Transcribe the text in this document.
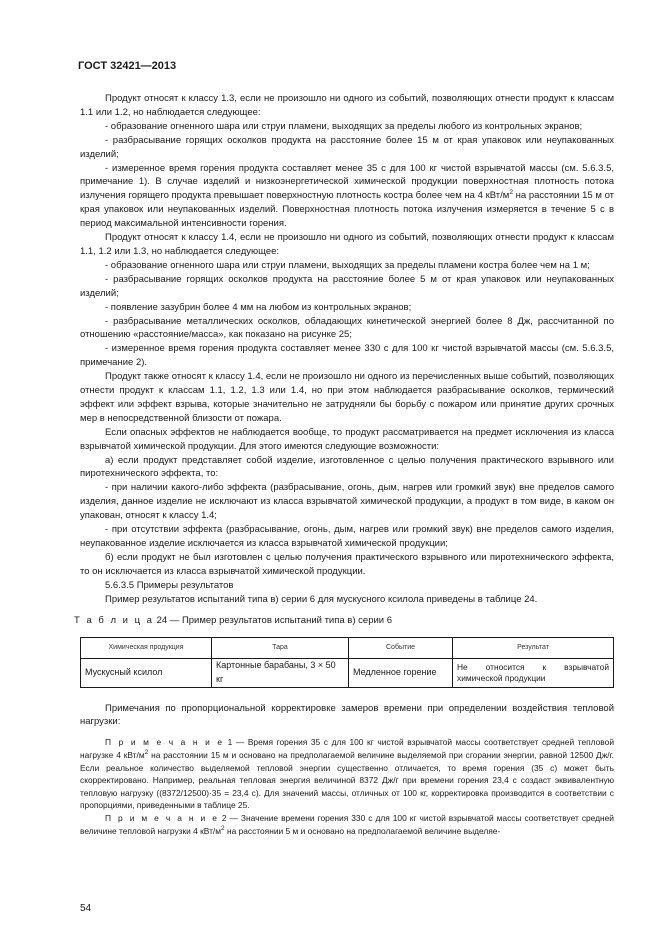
ГОСТ 32421—2013

Продукт относят к классу 1.3, если не произошло ни одного из событий, позволяющих отнести продукт к классам 1.1 или 1.2, но наблюдается следующее:

- образование огненного шара или струи пламени, выходящих за пределы любого из контрольных экранов;

- разбрасывание горящих осколков продукта на расстояние более 15 м от края упаковок или неупакованных изделий;

- измеренное время горения продукта составляет менее 35 с для 100 кг чистой взрывчатой массы (см. 5.6.3.5, примечание 1). В случае изделий и низкоэнергетической химической продукции поверхностная плотность потока излучения горящего продукта превышает поверхностную плотность костра более чем на 4 кВт/$м^2$ на расстоянии 15 м от края упаковок или неупакованных изделий. Поверхностная плотность потока излучения измеряется в течение 5 с в период максимальной интенсивности горения.

Продукт относят к классу 1.4, если не произошло ни одного из событий, позволяющих отнести продукт к классам 1.1, 1.2 или 1.3, но наблюдается следующее:

- образование огненного шара или струи пламени, выходящих за пределы пламени костра более чем на 1 м;

- разбрасывание горящих осколков продукта на расстояние более 5 м от края упаковок или неупакованных изделий;

- появление зазубрин более 4 мм на любом из контрольных экранов;

- разбрасывание металлических осколков, обладающих кинетической энергией более 8 Дж, рассчитанной по отношению «расстояние/масса», как показано на рисунке 25;

- измеренное время горения продукта составляет менее 330 с для 100 кг чистой взрывчатой массы (см. 5.6.3.5, примечание 2).

Продукт также относят к классу 1.4, если не произошло ни одного из перечисленных выше событий, позволяющих отнести продукт к классам 1.1, 1.2, 1.3 или 1.4, но при этом наблюдается разбрасывание осколков, термический эффект или эффект взрыва, которые значительно не затрудняли бы борьбу с пожаром или принятие других срочных мер в непосредственной близости от пожара.

Если опасных эффектов не наблюдается вообще, то продукт рассматривается на предмет исключения из класса взрывчатой химической продукции. Для этого имеются следующие возможности:

а) если продукт представляет собой изделие, изготовленное с целью получения практического взрывного или пиротехнического эффекта, то:

- при наличии какого-либо эффекта (разбрасывание, огонь, дым, нагрев или громкий звук) вне пределов самого изделия, данное изделие не исключают из класса взрывчатой химической продукции, а продукт в том виде, в каком он упакован, относят к классу 1.4;

- при отсутствии эффекта (разбрасывание, огонь, дым, нагрев или громкий звук) вне пределов самого изделия, неупакованное изделие исключается из класса взрывчатой химической продукции;

б) если продукт не был изготовлен с целью получения практического взрывного или пиротехнического эффекта, то он исключается из класса взрывчатой химической продукции.

5.6.3.5 Примеры результатов

Пример результатов испытаний типа в) серии 6 для мускусного ксилола приведены в таблице 24.

Т а б л и ц а 24 — Пример результатов испытаний типа в) серии 6
Химическая продукция	Тара	Событие	Результат
Мускусный ксилол	Картонные барабаны, 3 × 50 кг	Медленное горение	Не относится к взрывчатой химической продукции

Примечания по пропорциональной корректировке замеров времени при определении воздействия тепловой нагрузки:

П р и м е ч а н и е 1 — Время горения 35 с для 100 кг чистой взрывчатой массы соответствует средней тепловой нагрузке 4 кВт/$м^2$ на расстоянии 15 м и основано на предполагаемой величине выделяемой при сгорании энергии, равной 12500 Дж/г. Если реальное количество выделяемой тепловой энергии существенно отличается, то время горения (35 с) может быть скорректировано. Например, реальная тепловая энергия величиной 8372 Дж/г при времени горения 23,4 с создаст эквивалентную тепловую нагрузку ((8372/12500)·35 = 23,4 с). Для значений массы, отличных от 100 кг, корректировка производится в соответствии с пропорциями, приведенными в таблице 25.

П р и м е ч а н и е 2 — Значение времени горения 330 с для 100 кг чистой взрывчатой массы соответствует средней величине тепловой нагрузки 4 кВт/$м^2$ на расстоянии 5 м и основано на предполагаемой величине выделяе-

54
